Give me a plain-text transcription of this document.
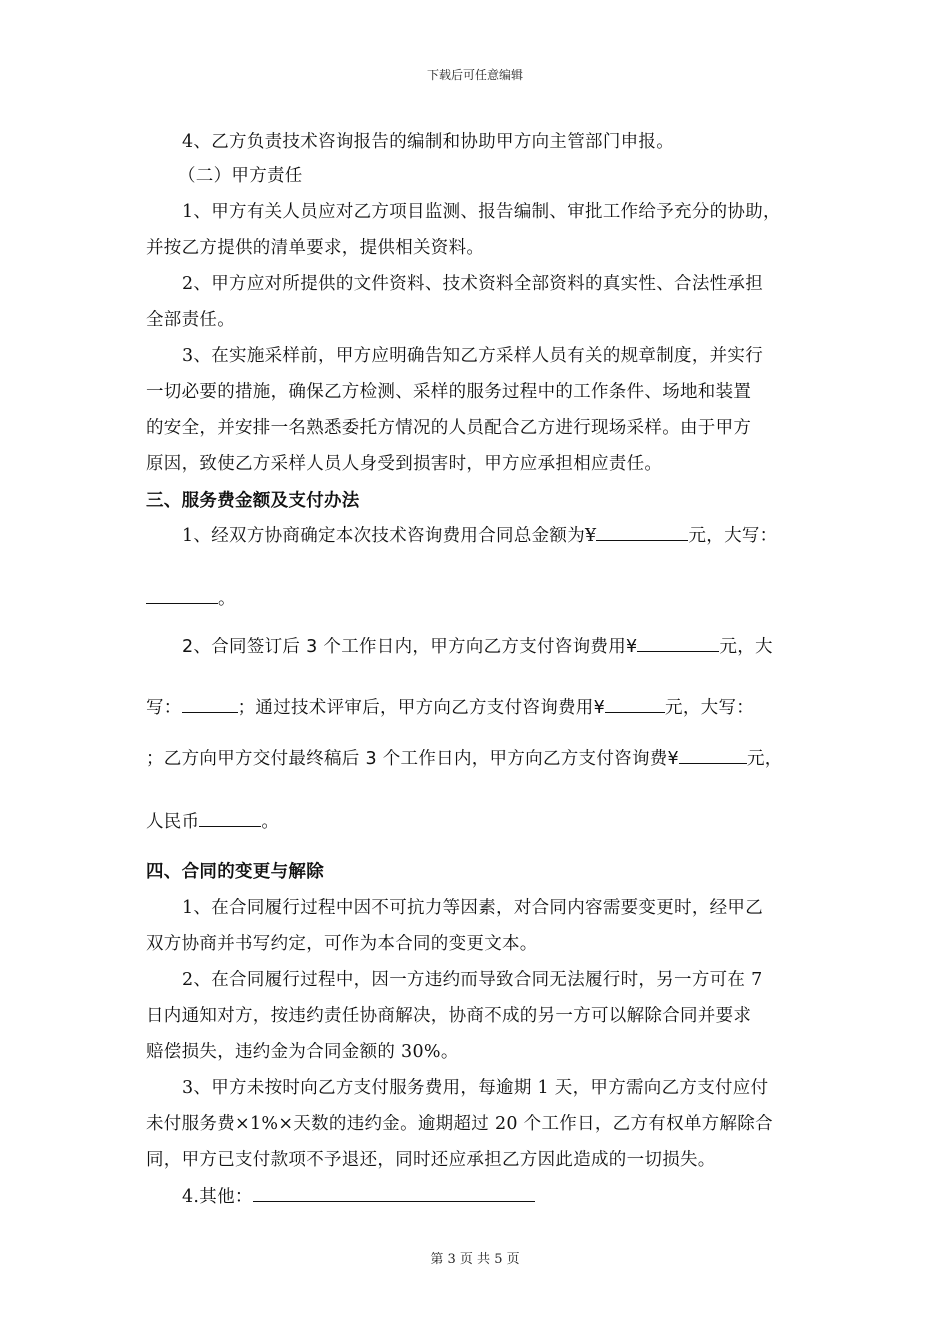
下载后可任意编辑
4、乙方负责技术咨询报告的编制和协助甲方向主管部门申报。
（二）甲方责任
1、甲方有关人员应对乙方项目监测、报告编制、审批工作给予充分的协助，
并按乙方提供的清单要求，提供相关资料。
2、甲方应对所提供的文件资料、技术资料全部资料的真实性、合法性承担
全部责任。
3、在实施采样前，甲方应明确告知乙方采样人员有关的规章制度，并实行
一切必要的措施，确保乙方检测、采样的服务过程中的工作条件、场地和装置
的安全，并安排一名熟悉委托方情况的人员配合乙方进行现场采样。由于甲方
原因，致使乙方采样人员人身受到损害时，甲方应承担相应责任。
三、服务费金额及支付办法
1、经双方协商确定本次技术咨询费用合同总金额为¥	元，大写：
。
2、合同签订后 3 个工作日内，甲方向乙方支付咨询费用¥	元，大
写：	；通过技术评审后，甲方向乙方支付咨询费用¥	元，大写：
；乙方向甲方交付最终稿后 3 个工作日内，甲方向乙方支付咨询费¥	元，
人民币	。
四、合同的变更与解除
1、在合同履行过程中因不可抗力等因素，对合同内容需要变更时，经甲乙
双方协商并书写约定，可作为本合同的变更文本。
2、在合同履行过程中，因一方违约而导致合同无法履行时，另一方可在 7
日内通知对方，按违约责任协商解决，协商不成的另一方可以解除合同并要求
赔偿损失，违约金为合同金额的 30%。
3、甲方未按时向乙方支付服务费用，每逾期 1 天，甲方需向乙方支付应付
未付服务费×1%×天数的违约金。逾期超过 20 个工作日，乙方有权单方解除合
同，甲方已支付款项不予退还，同时还应承担乙方因此造成的一切损失。
4.其他：
第 3 页 共 5 页
